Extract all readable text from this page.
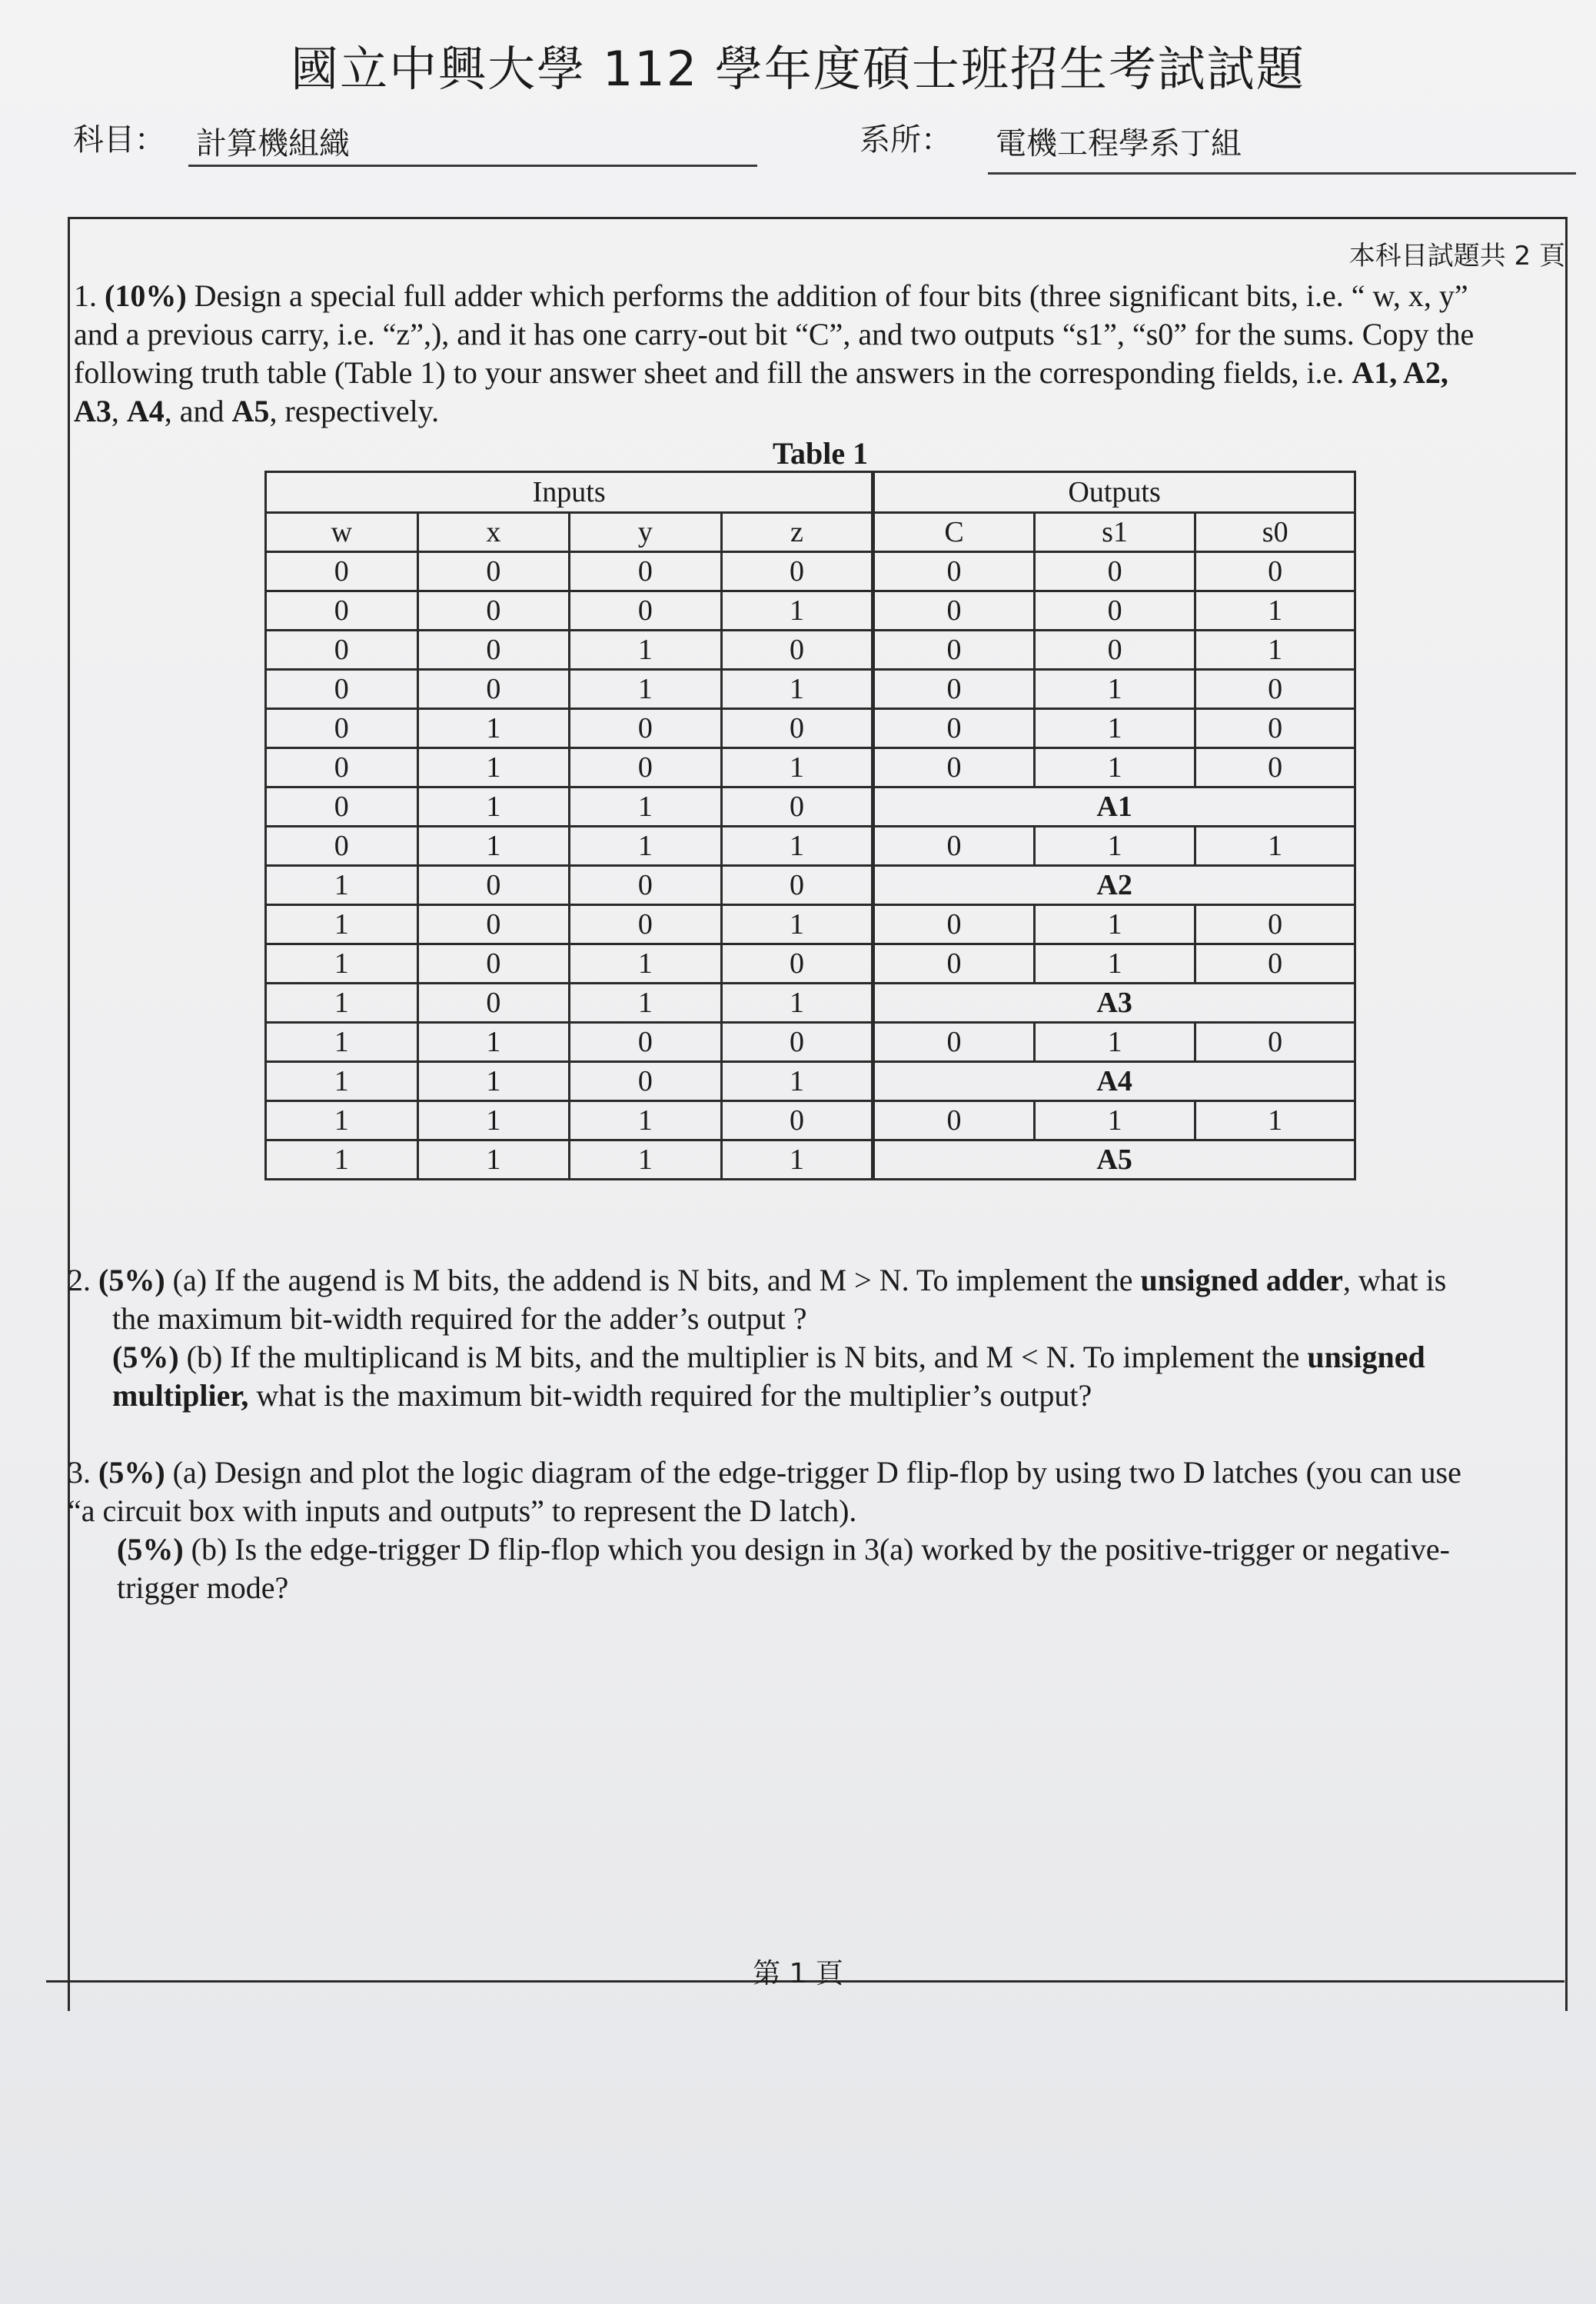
國立中興大學 112 學年度碩士班招生考試試題
科目： 計算機組織	系所： 電機工程學系丁組
本科目試題共 2 頁
1. (10%) Design a special full adder which performs the addition of four bits (three significant bits, i.e. “ w, x, y”
and a previous carry, i.e. “z”,), and it has one carry-out bit “C”, and two outputs “s1”, “s0” for the sums. Copy the
following truth table (Table 1) to your answer sheet and fill the answers in the corresponding fields, i.e. A1, A2,
A3, A4, and A5, respectively.
Table 1
Inputs				Outputs		
w	x	y	z	C	s1	s0
0	0	0	0	0	0	0
0	0	0	1	0	0	1
0	0	1	0	0	0	1
0	0	1	1	0	1	0
0	1	0	0	0	1	0
0	1	0	1	0	1	0
0	1	1	0	A1		
0	1	1	1	0	1	1
1	0	0	0	A2		
1	0	0	1	0	1	0
1	0	1	0	0	1	0
1	0	1	1	A3		
1	1	0	0	0	1	0
1	1	0	1	A4		
1	1	1	0	0	1	1
1	1	1	1	A5		
2. (5%) (a) If the augend is M bits, the addend is N bits, and M > N. To implement the unsigned adder, what is
the maximum bit-width required for the adder’s output ?
(5%) (b) If the multiplicand is M bits, and the multiplier is N bits, and M < N. To implement the unsigned
multiplier, what is the maximum bit-width required for the multiplier’s output?
3. (5%) (a) Design and plot the logic diagram of the edge-trigger D flip-flop by using two D latches (you can use
“a circuit box with inputs and outputs” to represent the D latch).
(5%) (b) Is the edge-trigger D flip-flop which you design in 3(a) worked by the positive-trigger or negative-
trigger mode?
第 1 頁
